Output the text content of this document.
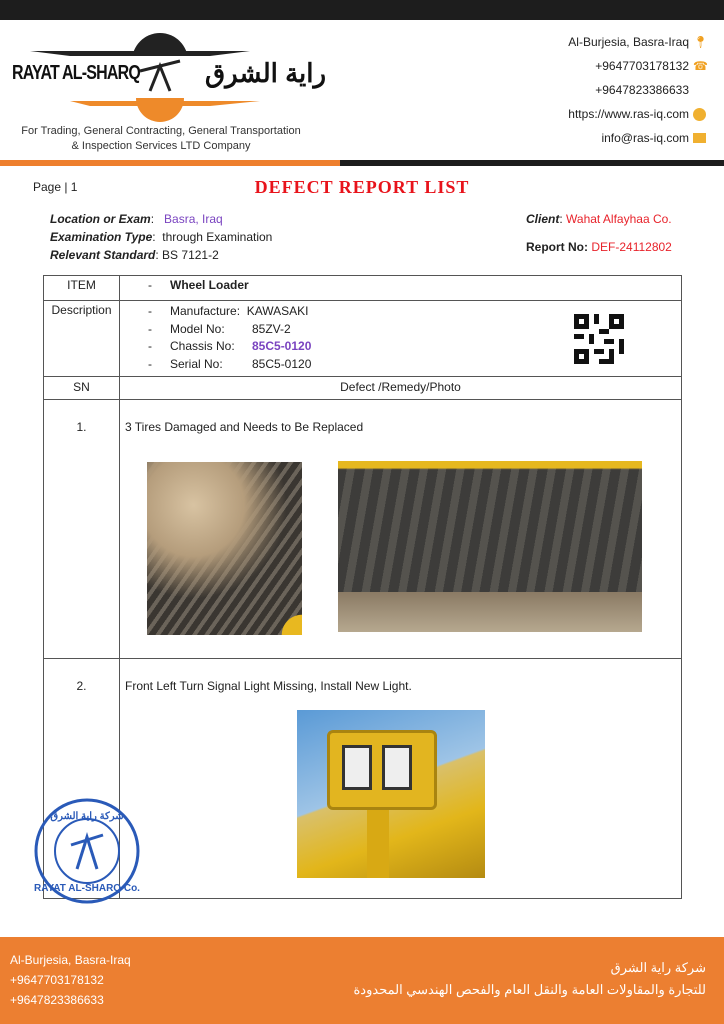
RAYAT AL-SHARQ راية الشرق
For Trading, General Contracting, General Transportation
& Inspection Services LTD Company
Al-Burjesia, Basra-Iraq 📍︎
+9647703178132 ☎
+9647823386633
https://www.ras-iq.com
info@ras-iq.com
Page | 1	DEFECT REPORT LIST
Location or Exam:   Basra, Iraq
Examination Type:  through Examination
Relevant Standard: BS 7121-2
Client: Wahat Alfayhaa Co.
Report No: DEF-24112802
ITEM	- Wheel Loader
Description	- Manufacture: KAWASAKI
- Model No: 85ZV-2
- Chassis No: 85C5-0120
- Serial No: 85C5-0120

SN	Defect /Remedy/Photo
1.	3 Tires Damaged and Needs to Be Replaced
2.	Front Left Turn Signal Light Missing, Install New Light.
شركة راية الشرق
RAYAT AL-SHARQ Co.
Al-Burjesia, Basra-Iraq
+9647703178132
+9647823386633
شركة راية الشرق
للتجارة والمقاولات العامة والنقل العام والفحص الهندسي المحدودة
